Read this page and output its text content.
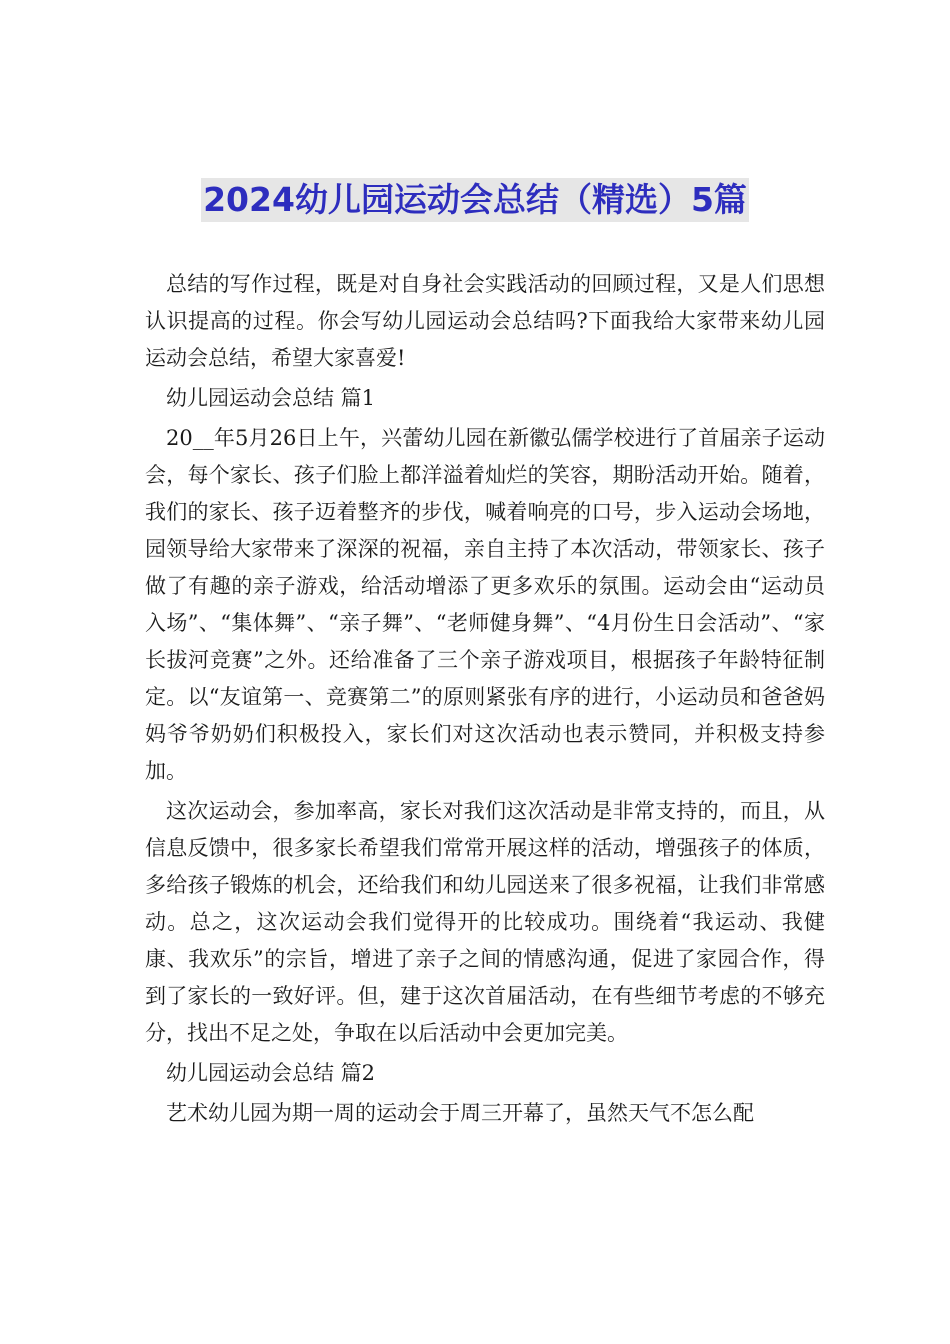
2024幼儿园运动会总结（精选）5篇

总结的写作过程，既是对自身社会实践活动的回顾过程，又是人们思想认识提高的过程。你会写幼儿园运动会总结吗?下面我给大家带来幼儿园运动会总结，希望大家喜爱!

幼儿园运动会总结 篇1

20__年5月26日上午，兴蕾幼儿园在新徽弘儒学校进行了首届亲子运动会，每个家长、孩子们脸上都洋溢着灿烂的笑容，期盼活动开始。随着，我们的家长、孩子迈着整齐的步伐，喊着响亮的口号，步入运动会场地，园领导给大家带来了深深的祝福，亲自主持了本次活动，带领家长、孩子做了有趣的亲子游戏，给活动增添了更多欢乐的氛围。运动会由“运动员入场”、“集体舞”、“亲子舞”、“老师健身舞”、“4月份生日会活动”、“家长拔河竞赛”之外。还给准备了三个亲子游戏项目，根据孩子年龄特征制定。以“友谊第一、竞赛第二”的原则紧张有序的进行，小运动员和爸爸妈妈爷爷奶奶们积极投入，家长们对这次活动也表示赞同，并积极支持参加。

这次运动会，参加率高，家长对我们这次活动是非常支持的，而且，从信息反馈中，很多家长希望我们常常开展这样的活动，增强孩子的体质，多给孩子锻炼的机会，还给我们和幼儿园送来了很多祝福，让我们非常感动。总之，这次运动会我们觉得开的比较成功。围绕着“我运动、我健康、我欢乐”的宗旨，增进了亲子之间的情感沟通，促进了家园合作，得到了家长的一致好评。但，建于这次首届活动，在有些细节考虑的不够充分，找出不足之处，争取在以后活动中会更加完美。

幼儿园运动会总结 篇2

艺术幼儿园为期一周的运动会于周三开幕了，虽然天气不怎么配
